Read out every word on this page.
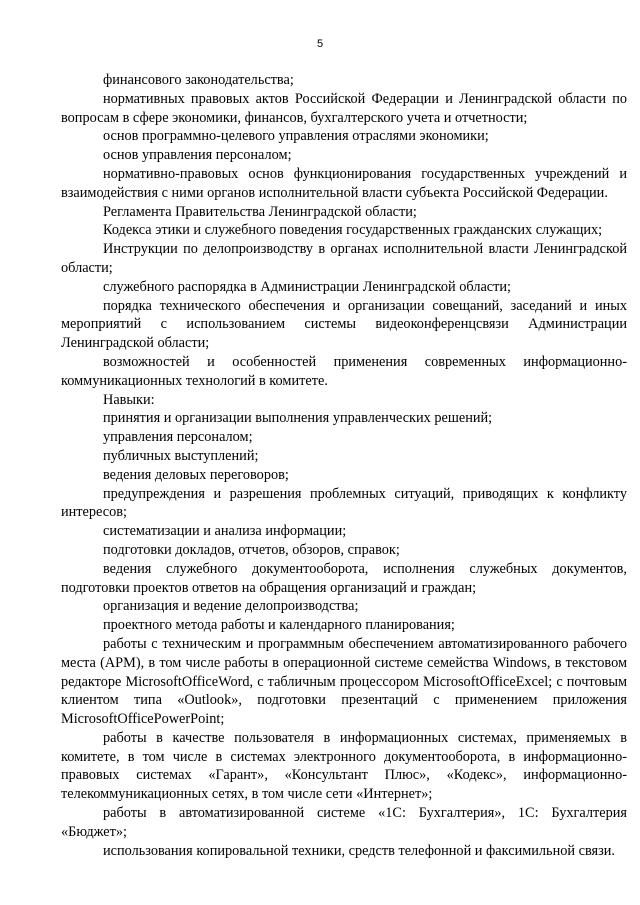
5

финансового законодательства;

нормативных правовых актов Российской Федерации и Ленинградской области по вопросам в сфере экономики, финансов, бухгалтерского учета и отчетности;

основ программно-целевого управления отраслями экономики;

основ управления персоналом;

нормативно-правовых основ функционирования государственных учреждений и взаимодействия с ними органов исполнительной власти субъекта Российской Федерации.

Регламента Правительства Ленинградской области;

Кодекса этики и служебного поведения государственных гражданских служащих;

Инструкции по делопроизводству в органах исполнительной власти Ленинградской области;

служебного распорядка в Администрации Ленинградской области;

порядка технического обеспечения и организации совещаний, заседаний и иных мероприятий с использованием системы видеоконференцсвязи Администрации Ленинградской области;

возможностей и особенностей применения современных информационно-коммуникационных технологий в комитете.

Навыки:

принятия и организации выполнения управленческих решений;

управления персоналом;

публичных выступлений;

ведения деловых переговоров;

предупреждения и разрешения проблемных ситуаций, приводящих к конфликту интересов;

систематизации и анализа информации;

подготовки докладов, отчетов, обзоров, справок;

ведения служебного документооборота, исполнения служебных документов, подготовки проектов ответов на обращения организаций и граждан;

организация и ведение делопроизводства;

проектного метода работы и календарного планирования;

работы с техническим и программным обеспечением автоматизированного рабочего места (АРМ), в том числе работы в операционной системе семейства Windows, в текстовом редакторе MicrosoftOfficeWord, с табличным процессором MicrosoftOfficeExcel; с почтовым клиентом типа «Outlook», подготовки презентаций с применением приложения MicrosoftOfficePowerPoint;

работы в качестве пользователя в информационных системах, применяемых в комитете, в том числе в системах электронного документооборота, в информационно-правовых системах «Гарант», «Консультант Плюс», «Кодекс», информационно-телекоммуникационных сетях, в том числе сети «Интернет»;

работы в автоматизированной системе «1С: Бухгалтерия», 1С: Бухгалтерия «Бюджет»;

использования копировальной техники, средств телефонной и факсимильной связи.
